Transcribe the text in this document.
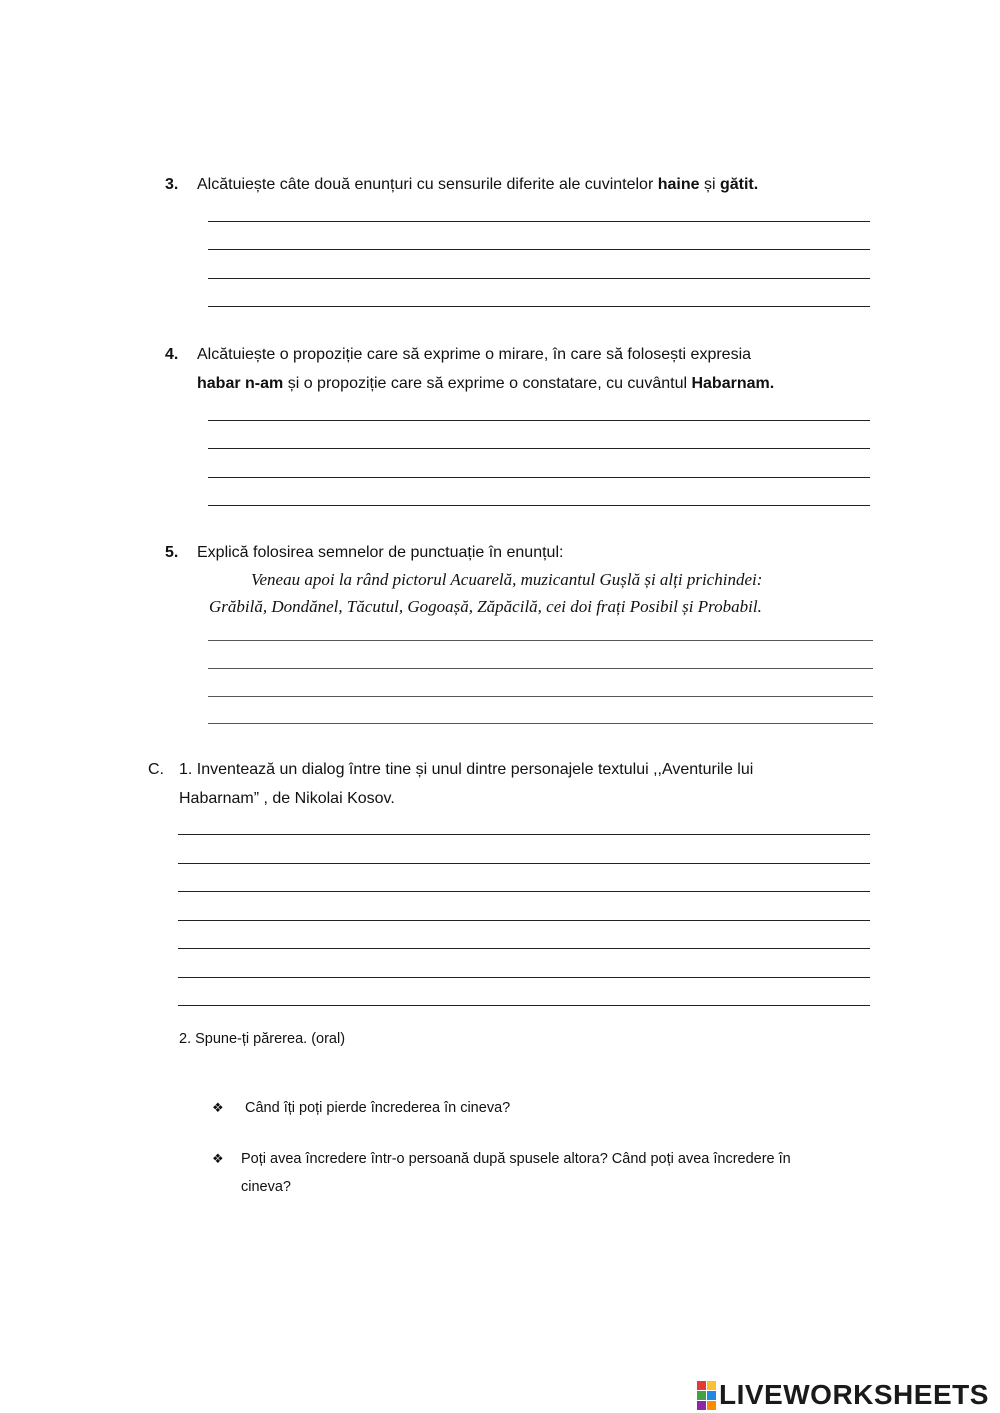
3. Alcătuiește câte două enunțuri cu sensurile diferite ale cuvintelor haine și gătit.
4. Alcătuiește o propoziție care să exprime o mirare, în care să folosești expresia
habar n-am și o propoziție care să exprime o constatare, cu cuvântul Habarnam.
5. Explică folosirea semnelor de punctuație în enunțul:
Veneau apoi la rând pictorul Acuarelă, muzicantul Gușlă și alți prichindei:
Grăbilă, Dondănel, Tăcutul, Gogoașă, Zăpăcilă, cei doi frați Posibil și Probabil.
C. 1. Inventează un dialog între tine și unul dintre personajele textului ,,Aventurile lui
Habarnam” , de Nikolai Kosov.
2. Spune-ți părerea. (oral)
❖ Când îți poți pierde încrederea în cineva?
❖ Poți avea încredere într-o persoană după spusele altora? Când poți avea încredere în
cineva?
LIVEWORKSHEETS
